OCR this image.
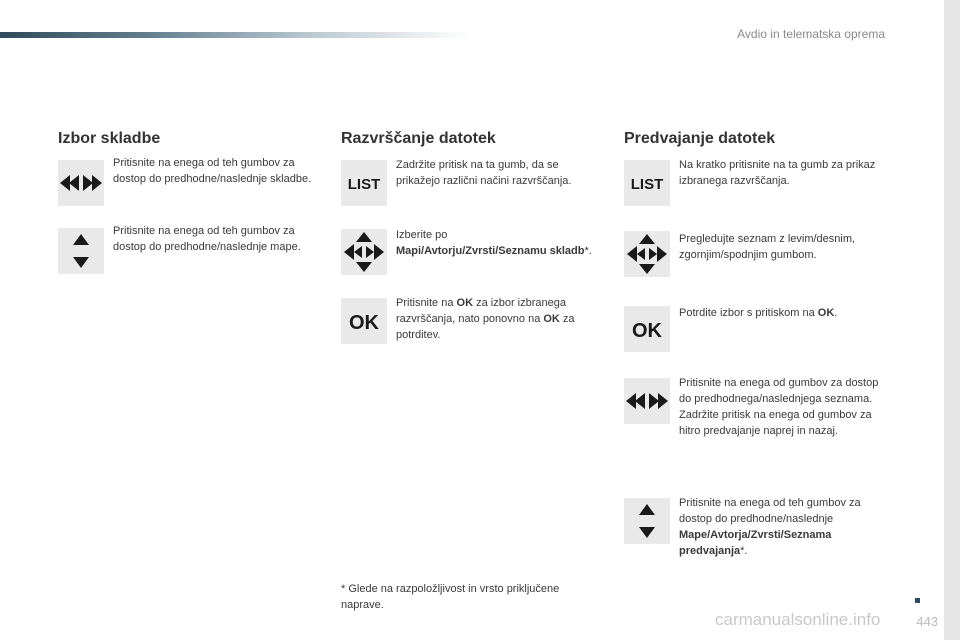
Avdio in telematska oprema
Izbor skladbe
Pritisnite na enega od teh gumbov za dostop do predhodne/naslednje skladbe.
Pritisnite na enega od teh gumbov za dostop do predhodne/naslednje mape.
Razvrščanje datotek
LIST
Zadržite pritisk na ta gumb, da se prikažejo različni načini razvrščanja.
Izberite po
Mapi/Avtorju/Zvrsti/Seznamu skladb*.
OK
Pritisnite na OK za izbor izbranega razvrščanja, nato ponovno na OK za potrditev.
Predvajanje datotek
LIST
Na kratko pritisnite na ta gumb za prikaz izbranega razvrščanja.
Pregledujte seznam z levim/desnim, zgornjim/spodnjim gumbom.
OK
Potrdite izbor s pritiskom na OK.
Pritisnite na enega od gumbov za dostop do predhodnega/naslednjega seznama.
Zadržite pritisk na enega od gumbov za hitro predvajanje naprej in nazaj.
Pritisnite na enega od teh gumbov za dostop do predhodne/naslednje Mape/Avtorja/Zvrsti/Seznama predvajanja*.
* Glede na razpoložljivost in vrsto priključene naprave.
443
carmanualsonline.info
